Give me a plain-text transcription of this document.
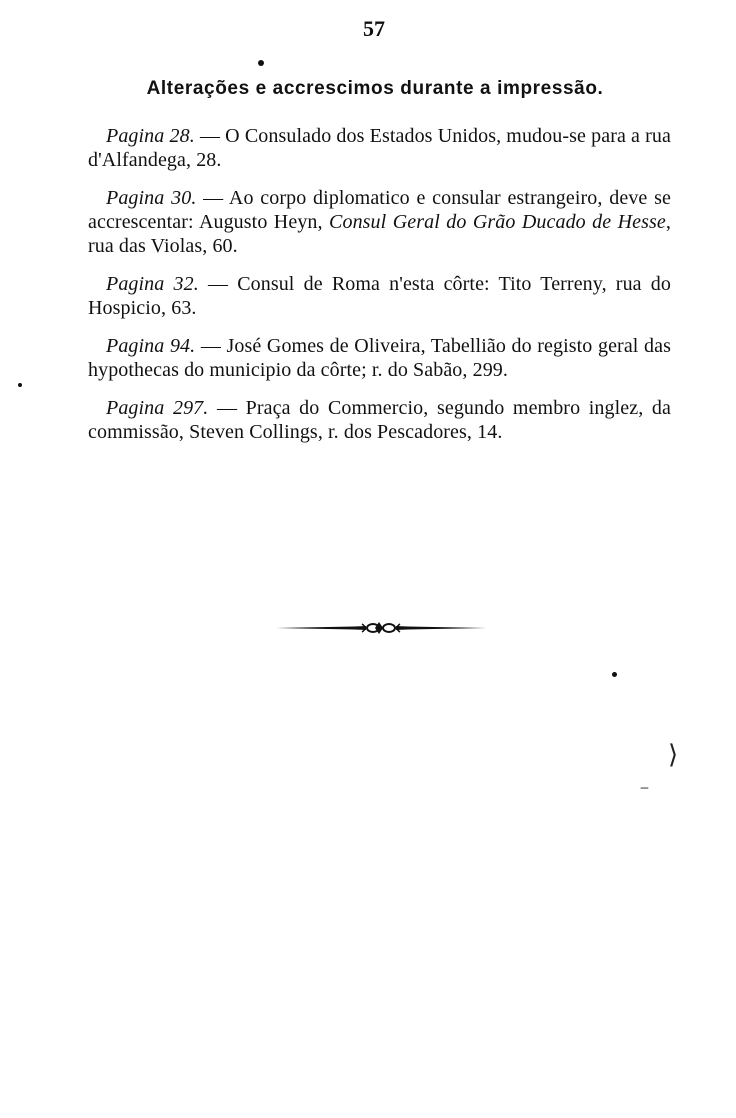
57
Alterações e accrescimos durante a impressão.

Pagina 28. — O Consulado dos Estados Unidos, mudou-se para a rua d'Alfandega, 28.

Pagina 30. — Ao corpo diplomatico e consular estrangeiro, deve se accrescentar: Augusto Heyn, Consul Geral do Grão Ducado de Hesse, rua das Violas, 60.

Pagina 32. — Consul de Roma n'esta côrte: Tito Terreny, rua do Hospicio, 63.

Pagina 94. — José Gomes de Oliveira, Tabellião do registo geral das hypothecas do municipio da côrte; r. do Sabão, 299.

Pagina 297. — Praça do Commercio, segundo membro inglez, da commissão, Steven Collings, r. dos Pescadores, 14.

⟩
‒
